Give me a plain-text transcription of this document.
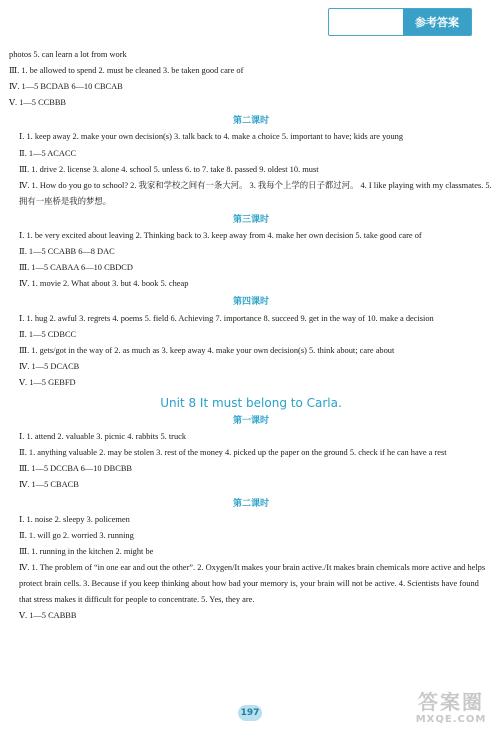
参考答案
photos 5. can learn a lot from work
Ⅲ. 1. be allowed to spend 2. must be cleaned 3. be taken good care of
Ⅳ. 1—5 BCDAB 6—10 CBCAB
Ⅴ. 1—5 CCBBB
第二课时
Ⅰ. 1. keep away 2. make your own decision(s) 3. talk back to 4. make a choice 5. important to have; kids are young
Ⅱ. 1—5 ACACC
Ⅲ. 1. drive 2. license 3. alone 4. school 5. unless 6. to 7. take 8. passed 9. oldest 10. must
Ⅳ. 1. How do you go to school? 2. 我家和学校之间有一条大河。 3. 我每个上学的日子都过河。 4. I like playing with my classmates. 5. 拥有一座桥是我的梦想。
第三课时
Ⅰ. 1. be very excited about leaving 2. Thinking back to 3. keep away from 4. make her own decision 5. take good care of
Ⅱ. 1—5 CCABB 6—8 DAC
Ⅲ. 1—5 CABAA 6—10 CBDCD
Ⅳ. 1. movie 2. What about 3. but 4. book 5. cheap
第四课时
Ⅰ. 1. hug 2. awful 3. regrets 4. poems 5. field 6. Achieving 7. importance 8. succeed 9. get in the way of 10. make a decision
Ⅱ. 1—5 CDBCC
Ⅲ. 1. gets/got in the way of 2. as much as 3. keep away 4. make your own decision(s) 5. think about; care about
Ⅳ. 1—5 DCACB
Ⅴ. 1—5 GEBFD
Unit 8 It must belong to Carla.
第一课时
Ⅰ. 1. attend 2. valuable 3. picnic 4. rabbits 5. truck
Ⅱ. 1. anything valuable 2. may be stolen 3. rest of the money 4. picked up the paper on the ground 5. check if he can have a rest
Ⅲ. 1—5 DCCBA 6—10 DBCBB
Ⅳ. 1—5 CBACB
第二课时
Ⅰ. 1. noise 2. sleepy 3. policemen
Ⅱ. 1. will go 2. worried 3. running
Ⅲ. 1. running in the kitchen 2. might be
Ⅳ. 1. The problem of “in one ear and out the other”. 2. Oxygen/It makes your brain active./It makes brain chemicals more active and helps protect brain cells. 3. Because if you keep thinking about how bad your memory is, your brain will not be active. 4. Scientists have found that stress makes it difficult for people to concentrate. 5. Yes, they are.
Ⅴ. 1—5 CABBB
197	答案圈
MXQE.COM
